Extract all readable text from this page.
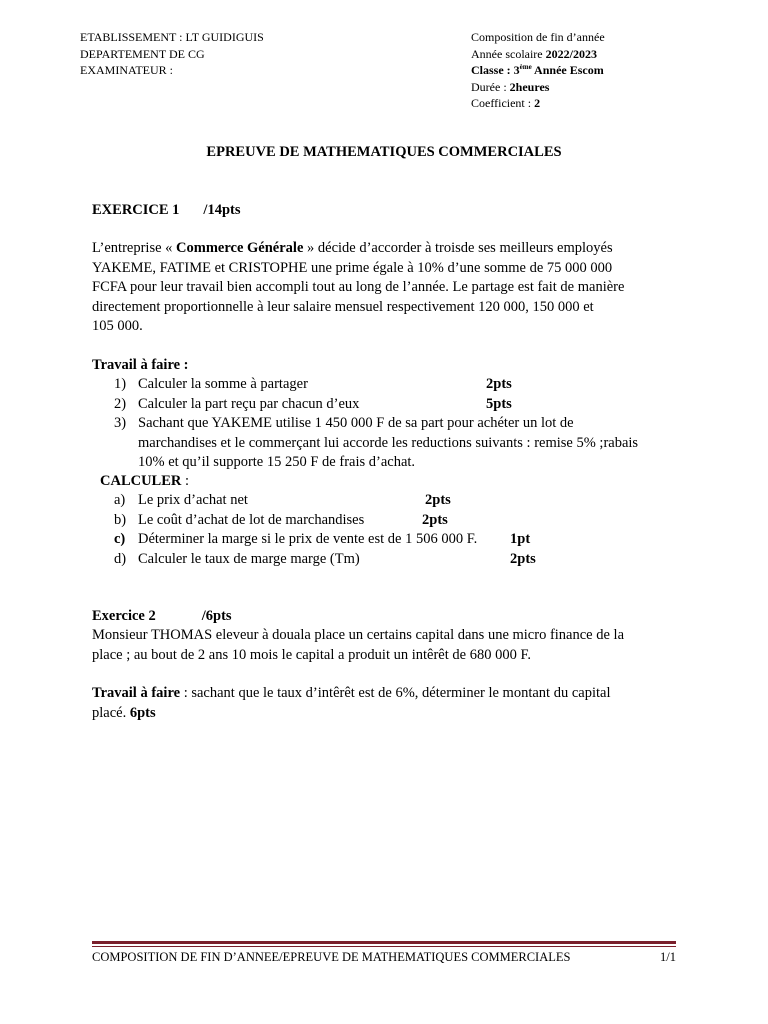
ETABLISSEMENT : LT GUIDIGUIS
DEPARTEMENT DE CG
EXAMINATEUR :
Composition de fin d’année
Année scolaire 2022/2023
Classe : 3ème Année Escom
Durée : 2heures
Coefficient : 2
EPREUVE DE MATHEMATIQUES COMMERCIALES
EXERCICE 1 /14pts

L’entreprise « Commerce Générale » décide d’accorder à troisde ses meilleurs employés

YAKEME, FATIME et CRISTOPHE une prime égale à 10% d’une somme de 75 000 000

FCFA pour leur travail bien accompli tout au long de l’année. Le partage est fait de manière

directement proportionnelle à leur salaire mensuel respectivement 120 000, 150 000 et

105 000.

Travail à faire :
1) Calculer la somme à partager	2pts
2) Calculer la part reçu par chacun d’eux	5pts
3) Sachant que YAKEME utilise 1 450 000 F de sa part pour achéter un lot de
marchandises et le commerçant lui accorde les reductions suivants : remise 5% ;rabais
10% et qu’il supporte 15 250 F de frais d’achat.
CALCULER :
a) Le prix d’achat net	2pts
b) Le coût d’achat de lot de marchandises	2pts
c) Déterminer la marge si le prix de vente est de 1 506 000 F. 1pt
d) Calculer le taux de marge marge (Tm)	2pts
Exercice 2	/6pts

Monsieur THOMAS eleveur à douala place un certains capital dans une micro finance de la

place ; au bout de 2 ans 10 mois le capital a produit un intêrêt de 680 000 F.

Travail à faire : sachant que le taux d’intêrêt est de 6%, déterminer le montant du capital

placé. 6pts

COMPOSITION DE FIN D’ANNEE/EPREUVE DE MATHEMATIQUES COMMERCIALES	1/1
